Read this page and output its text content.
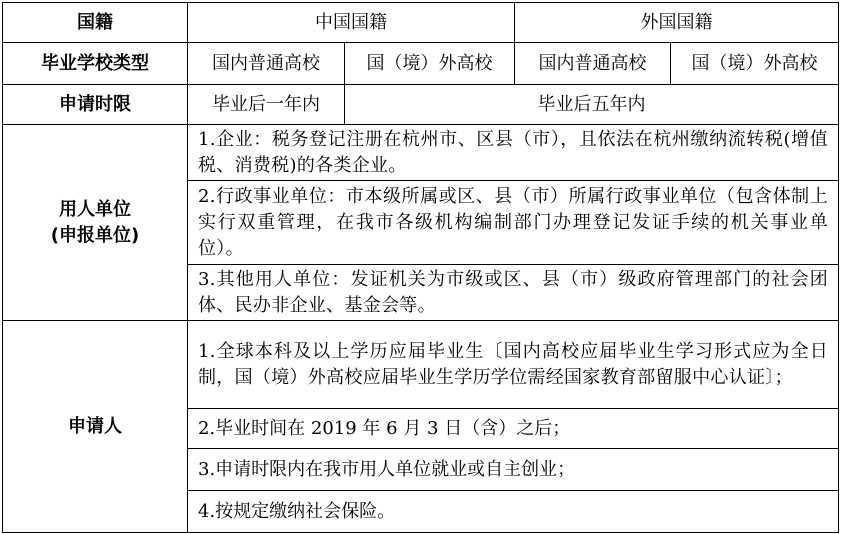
国籍	中国国籍		外国国籍	
毕业学校类型	国内普通高校	国（境）外高校	国内普通高校	国（境）外高校
申请时限	毕业后一年内	毕业后五年内		

用人单位
(申报单位)	1.企业：税务登记注册在杭州市、区县（市），且依法在杭州缴纳流转税(增值税、消费税)的各类企业。			
	2.行政事业单位：市本级所属或区、县（市）所属行政事业单位（包含体制上实行双重管理，在我市各级机构编制部门办理登记发证手续的机关事业单位）。			
	3.其他用人单位：发证机关为市级或区、县（市）级政府管理部门的社会团体、民办非企业、基金会等。			
申请人	1.全球本科及以上学历应届毕业生〔国内高校应届毕业生学习形式应为全日制，国（境）外高校应届毕业生学历学位需经国家教育部留服中心认证〕；			
	2.毕业时间在 2019 年 6 月 3 日（含）之后；			
	3.申请时限内在我市用人单位就业或自主创业；			
	4.按规定缴纳社会保险。			
